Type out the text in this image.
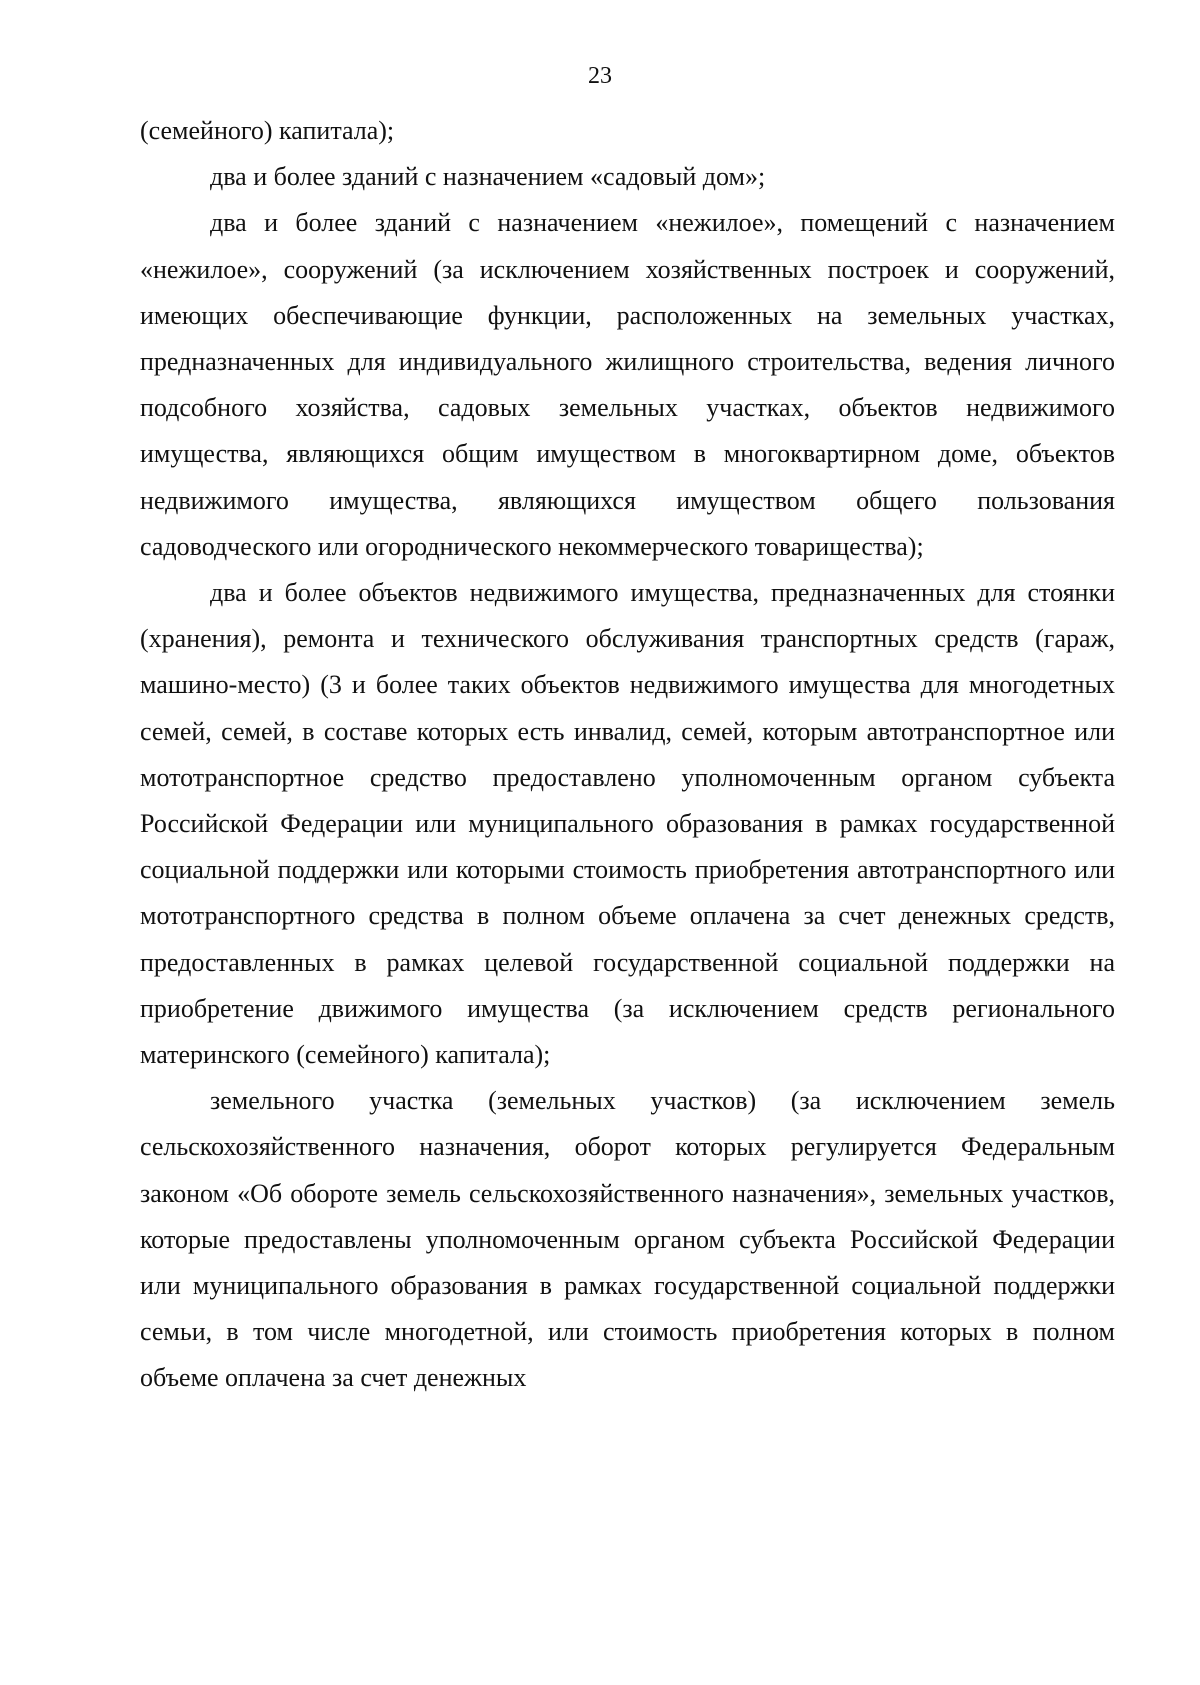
23

(семейного) капитала);

два и более зданий с назначением «садовый дом»;

два и более зданий с назначением «нежилое», помещений с назначением «нежилое», сооружений (за исключением хозяйственных построек и сооружений, имеющих обеспечивающие функции, расположенных на земельных участках, предназначенных для индивидуального жилищного строительства, ведения личного подсобного хозяйства, садовых земельных участках, объектов недвижимого имущества, являющихся общим имуществом в многоквартирном доме, объектов недвижимого имущества, являющихся имуществом общего пользования садоводческого или огороднического некоммерческого товарищества);

два и более объектов недвижимого имущества, предназначенных для стоянки (хранения), ремонта и технического обслуживания транспортных средств (гараж, машино-место) (3 и более таких объектов недвижимого имущества для многодетных семей, семей, в составе которых есть инвалид, семей, которым автотранспортное или мототранспортное средство предоставлено уполномоченным органом субъекта Российской Федерации или муниципального образования в рамках государственной социальной поддержки или которыми стоимость приобретения автотранспортного или мототранспортного средства в полном объеме оплачена за счет денежных средств, предоставленных в рамках целевой государственной социальной поддержки на приобретение движимого имущества (за исключением средств регионального материнского (семейного) капитала);

земельного участка (земельных участков) (за исключением земель сельскохозяйственного назначения, оборот которых регулируется Федеральным законом «Об обороте земель сельскохозяйственного назначения», земельных участков, которые предоставлены уполномоченным органом субъекта Российской Федерации или муниципального образования в рамках государственной социальной поддержки семьи, в том числе многодетной, или стоимость приобретения которых в полном объеме оплачена за счет денежных
